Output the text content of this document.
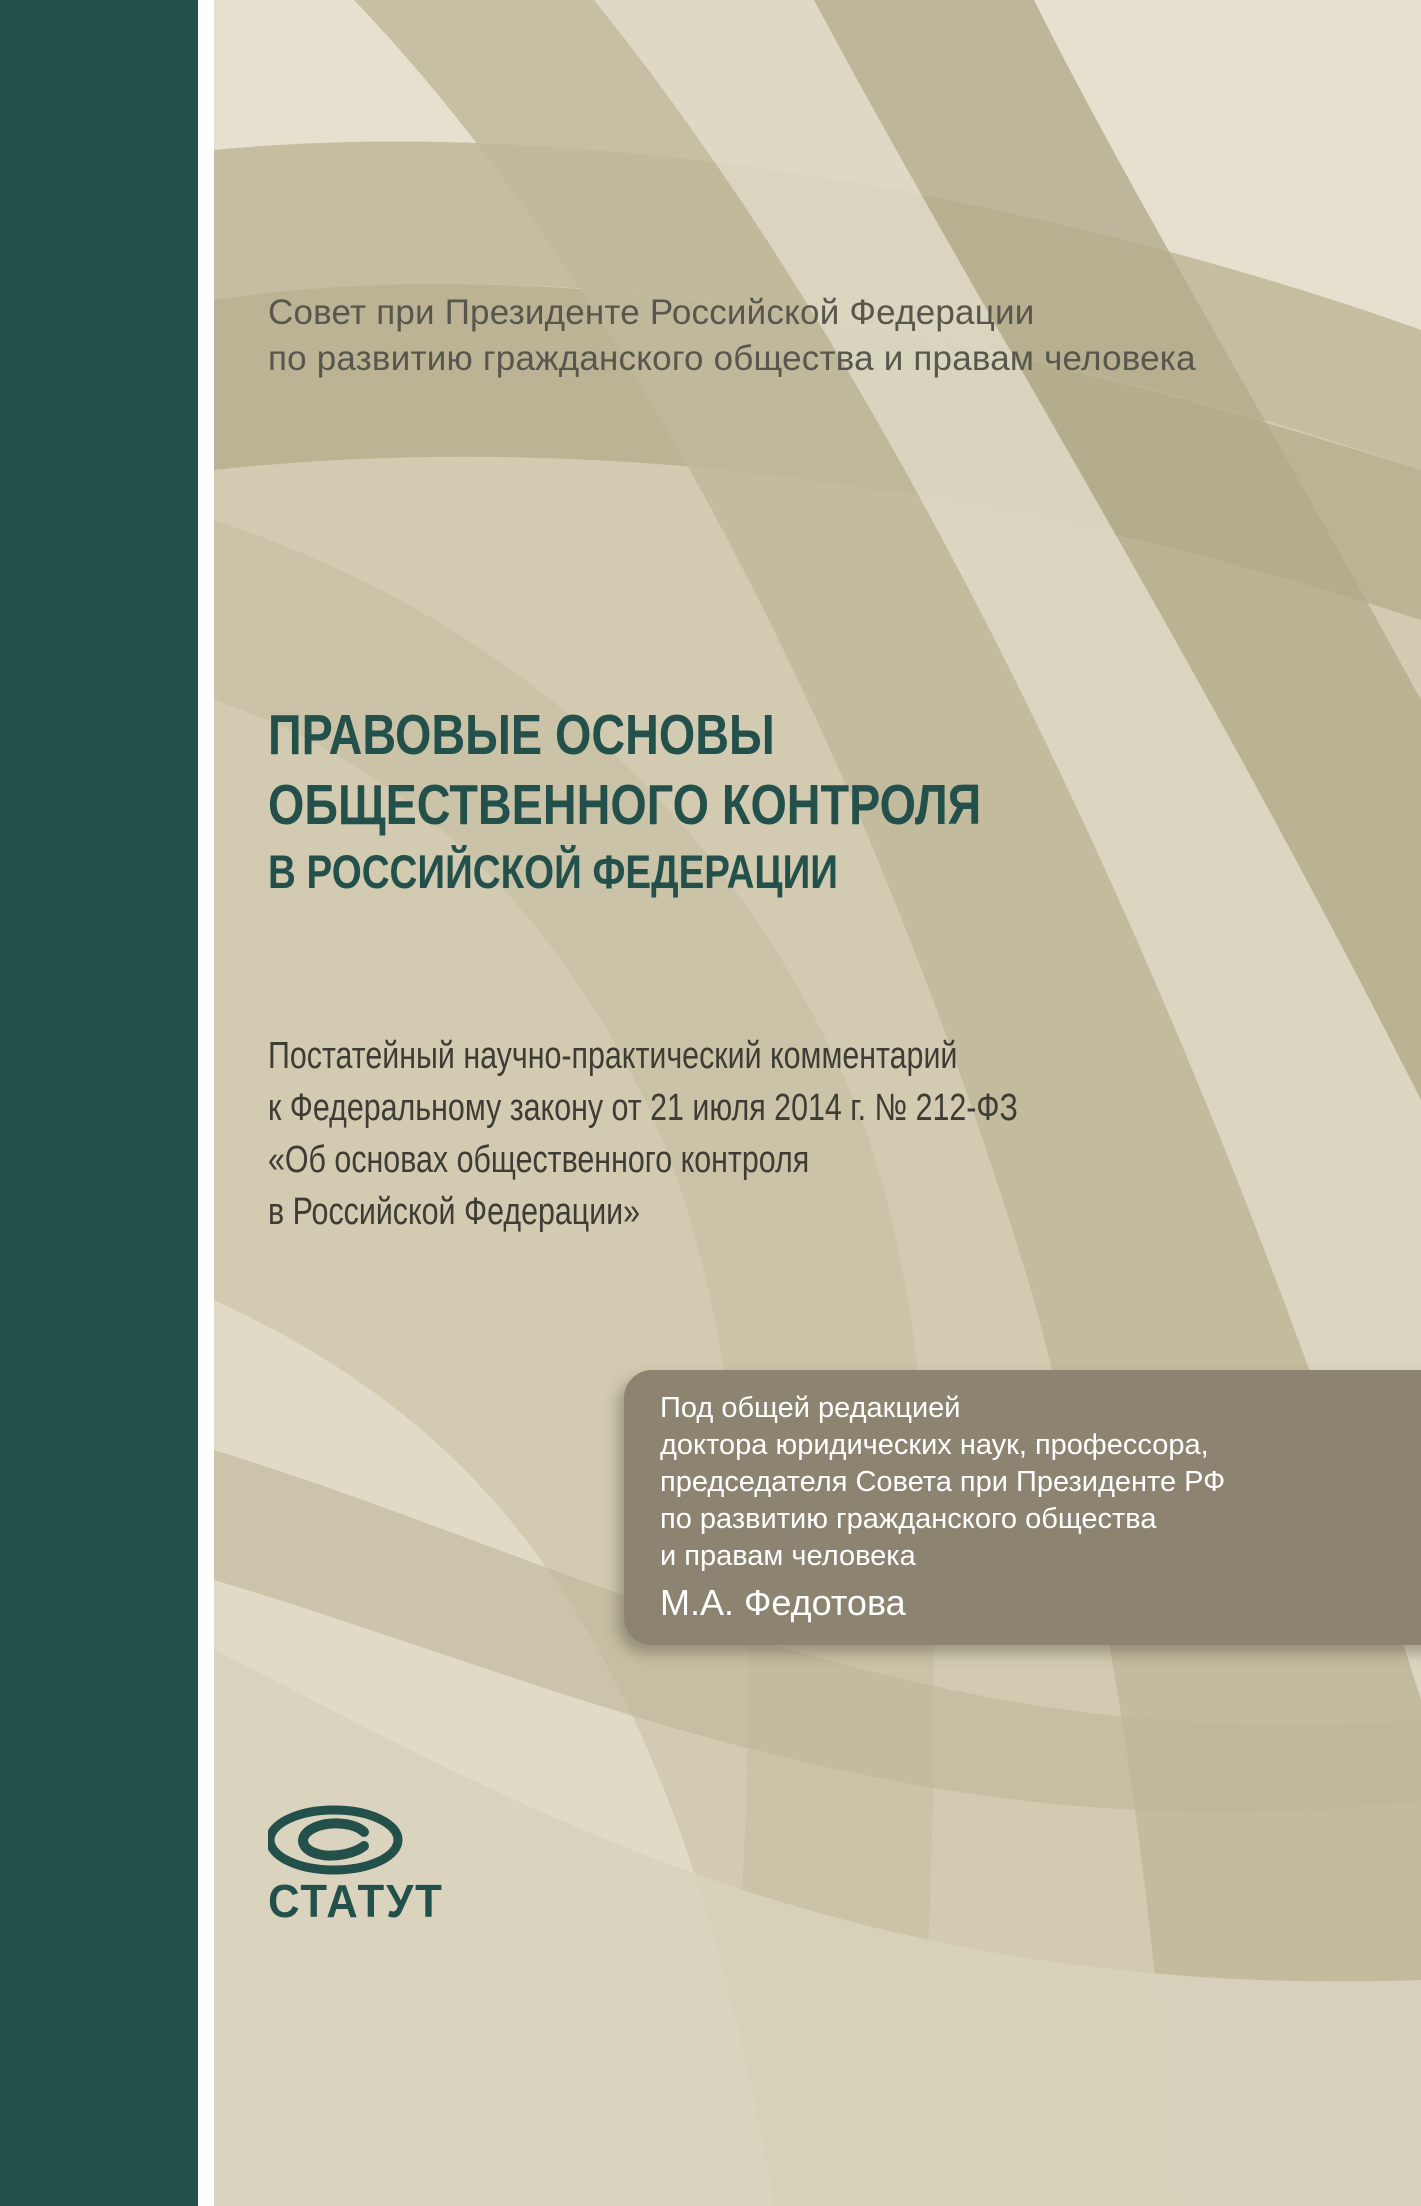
Совет при Президенте Российской Федерации
по развитию гражданского общества и правам человека
ПРАВОВЫЕ ОСНОВЫ
ОБЩЕСТВЕННОГО КОНТРОЛЯ
В РОССИЙСКОЙ ФЕДЕРАЦИИ
Постатейный научно-практический комментарий
к Федеральному закону от 21 июля 2014 г. № 212-ФЗ
«Об основах общественного контроля
в Российской Федерации»
Под общей редакцией
доктора юридических наук, профессора,
председателя Совета при Президенте РФ
по развитию гражданского общества
и правам человека
М.А. Федотова
СТАТУТ
